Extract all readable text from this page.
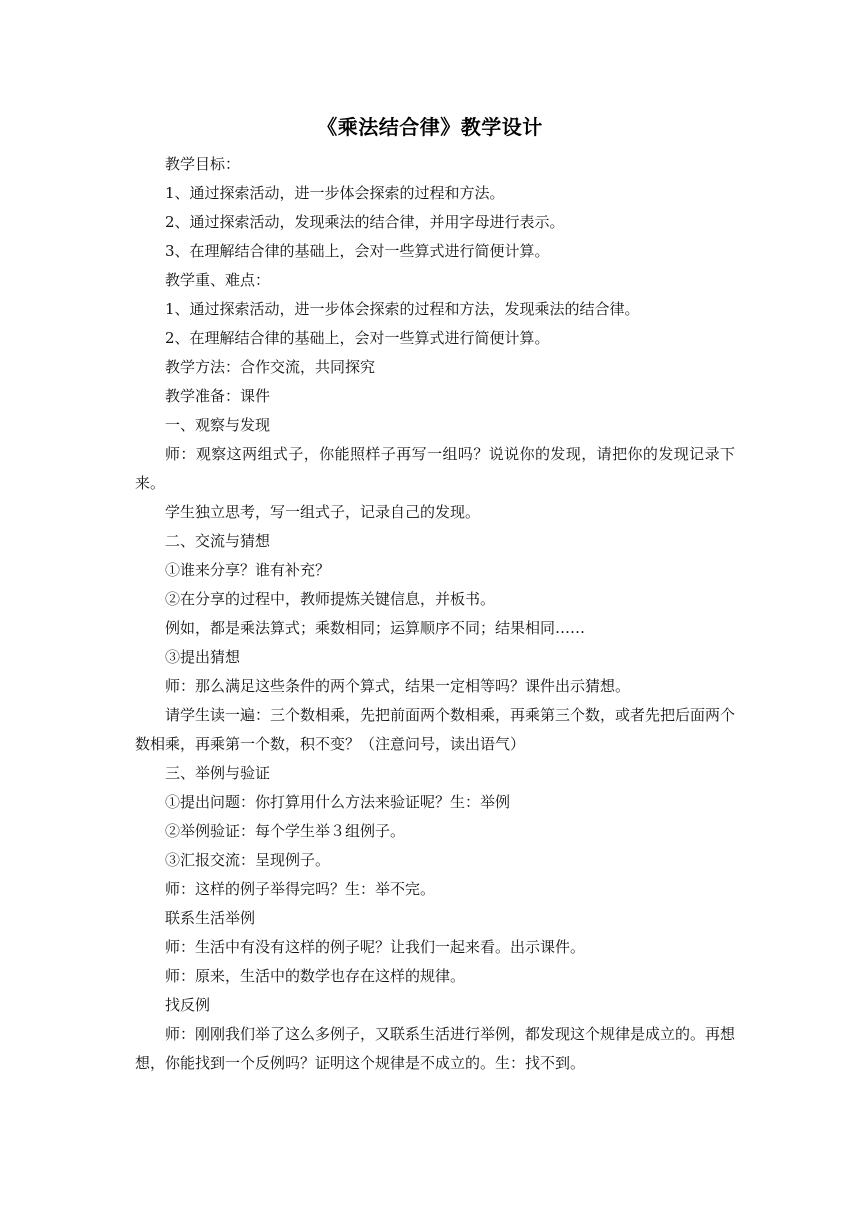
《乘法结合律》教学设计

教学目标：

1、通过探索活动，进一步体会探索的过程和方法。

2、通过探索活动，发现乘法的结合律，并用字母进行表示。

3、在理解结合律的基础上，会对一些算式进行简便计算。

教学重、难点：

1、通过探索活动，进一步体会探索的过程和方法，发现乘法的结合律。

2、在理解结合律的基础上，会对一些算式进行简便计算。

教学方法：合作交流，共同探究

教学准备：课件

一、观察与发现

师：观察这两组式子，你能照样子再写一组吗？说说你的发现，请把你的发现记录下来。

学生独立思考，写一组式子，记录自己的发现。

二、交流与猜想

①谁来分享？谁有补充？

②在分享的过程中，教师提炼关键信息，并板书。

例如，都是乘法算式；乘数相同；运算顺序不同；结果相同……

③提出猜想

师：那么满足这些条件的两个算式，结果一定相等吗？课件出示猜想。

请学生读一遍：三个数相乘，先把前面两个数相乘，再乘第三个数，或者先把后面两个数相乘，再乘第一个数，积不变？（注意问号，读出语气）

三、举例与验证

①提出问题：你打算用什么方法来验证呢？生：举例

②举例验证：每个学生举３组例子。

③汇报交流：呈现例子。

师：这样的例子举得完吗？生：举不完。

联系生活举例

师：生活中有没有这样的例子呢？让我们一起来看。出示课件。

师：原来，生活中的数学也存在这样的规律。

找反例

师：刚刚我们举了这么多例子，又联系生活进行举例，都发现这个规律是成立的。再想想，你能找到一个反例吗？证明这个规律是不成立的。生：找不到。
